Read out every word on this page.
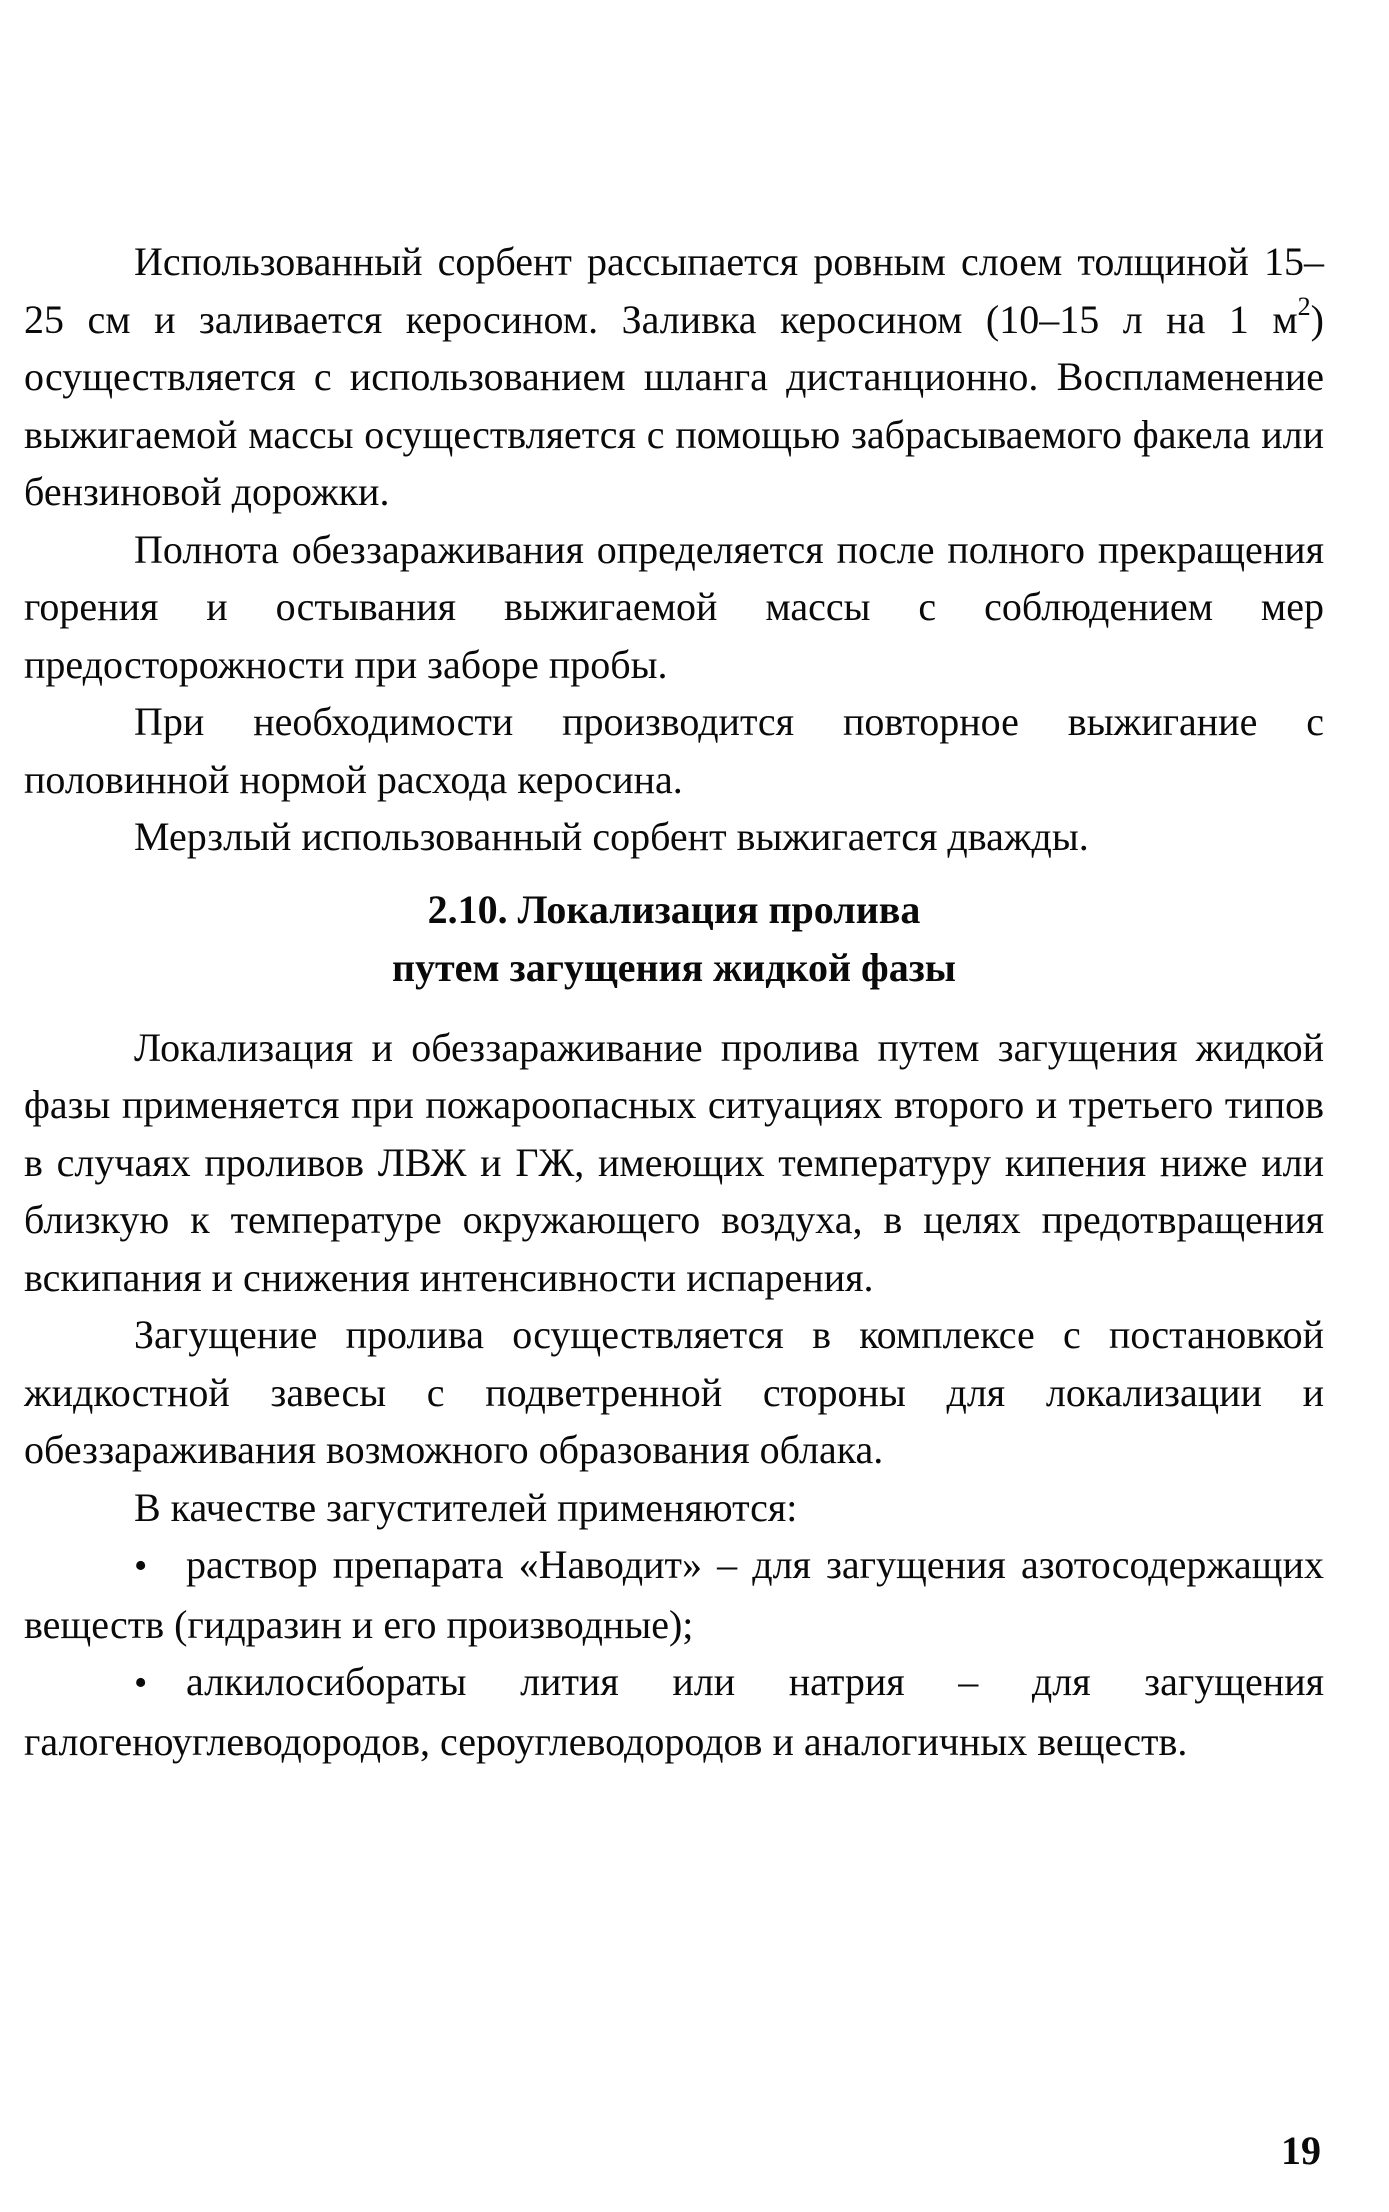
Использованный сорбент рассыпается ровным слоем толщиной 15–25 см и заливается керосином. Заливка керосином (10–15 л на 1 $м^2$) осуществляется с использованием шланга дистанционно. Воспламенение выжигаемой массы осуществляется с помощью забрасываемого факела или бензиновой дорожки.

Полнота обеззараживания определяется после полного прекращения горения и остывания выжигаемой массы с соблюдением мер предосторожности при заборе пробы.

При необходимости производится повторное выжигание с половинной нормой расхода керосина.

Мерзлый использованный сорбент выжигается дважды.

2.10. Локализация пролива
путем загущения жидкой фазы

Локализация и обеззараживание пролива путем загущения жидкой фазы применяется при пожароопасных ситуациях второго и третьего типов в случаях проливов ЛВЖ и ГЖ, имеющих температуру кипения ниже или близкую к температуре окружающего воздуха, в целях предотвращения вскипания и снижения интенсивности испарения.

Загущение пролива осуществляется в комплексе с постановкой жидкостной завесы с подветренной стороны для локализации и обеззараживания возможного образования облака.

В качестве загустителей применяются:

• раствор препарата «Наводит» – для загущения азотосодержащих веществ (гидразин и его производные);

• алкилосибораты лития или натрия – для загущения галогеноуглеводородов, сероуглеводородов и аналогичных веществ.

19
